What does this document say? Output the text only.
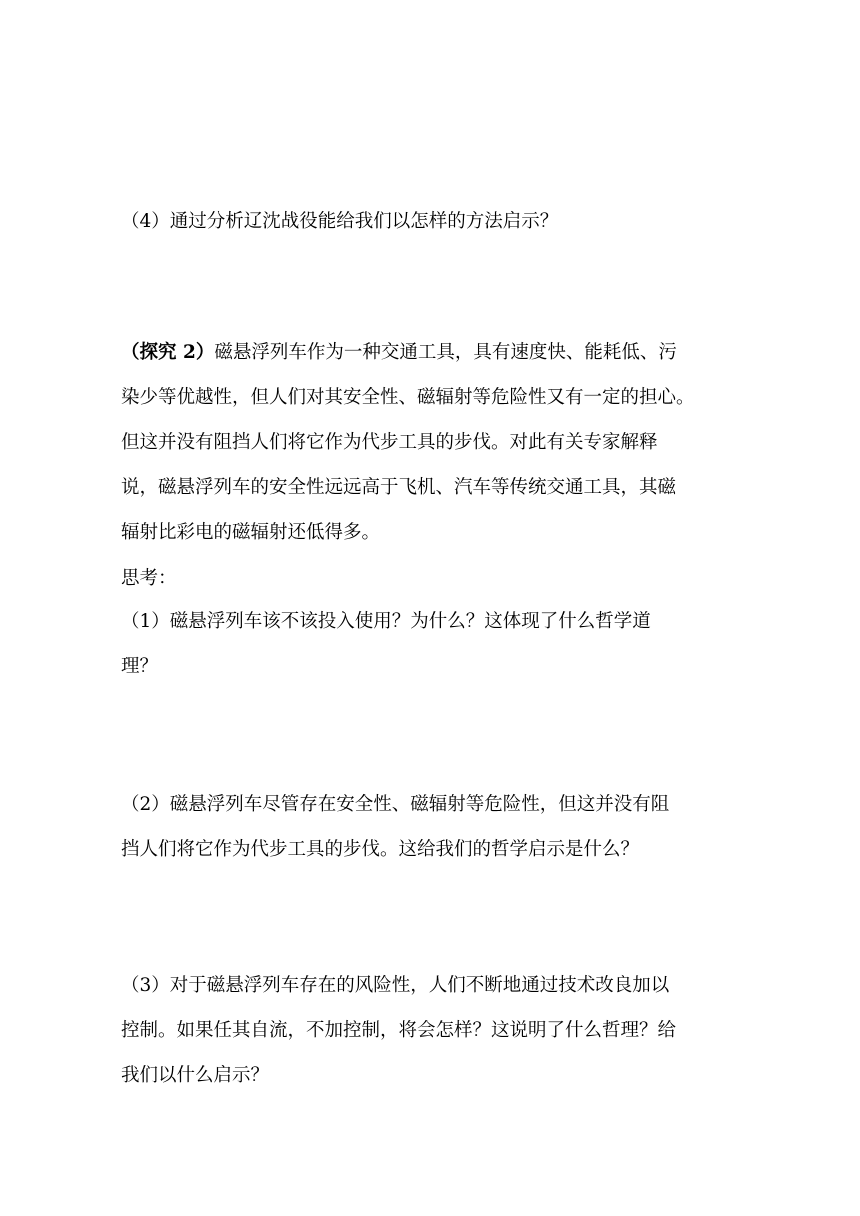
（4）通过分析辽沈战役能给我们以怎样的方法启示？
（探究 2）磁悬浮列车作为一种交通工具，具有速度快、能耗低、污
染少等优越性，但人们对其安全性、磁辐射等危险性又有一定的担心。
但这并没有阻挡人们将它作为代步工具的步伐。对此有关专家解释
说，磁悬浮列车的安全性远远高于飞机、汽车等传统交通工具，其磁
辐射比彩电的磁辐射还低得多。
思考：
（1）磁悬浮列车该不该投入使用？为什么？这体现了什么哲学道
理？
（2）磁悬浮列车尽管存在安全性、磁辐射等危险性，但这并没有阻
挡人们将它作为代步工具的步伐。这给我们的哲学启示是什么？
（3）对于磁悬浮列车存在的风险性，人们不断地通过技术改良加以
控制。如果任其自流，不加控制，将会怎样？这说明了什么哲理？给
我们以什么启示？
